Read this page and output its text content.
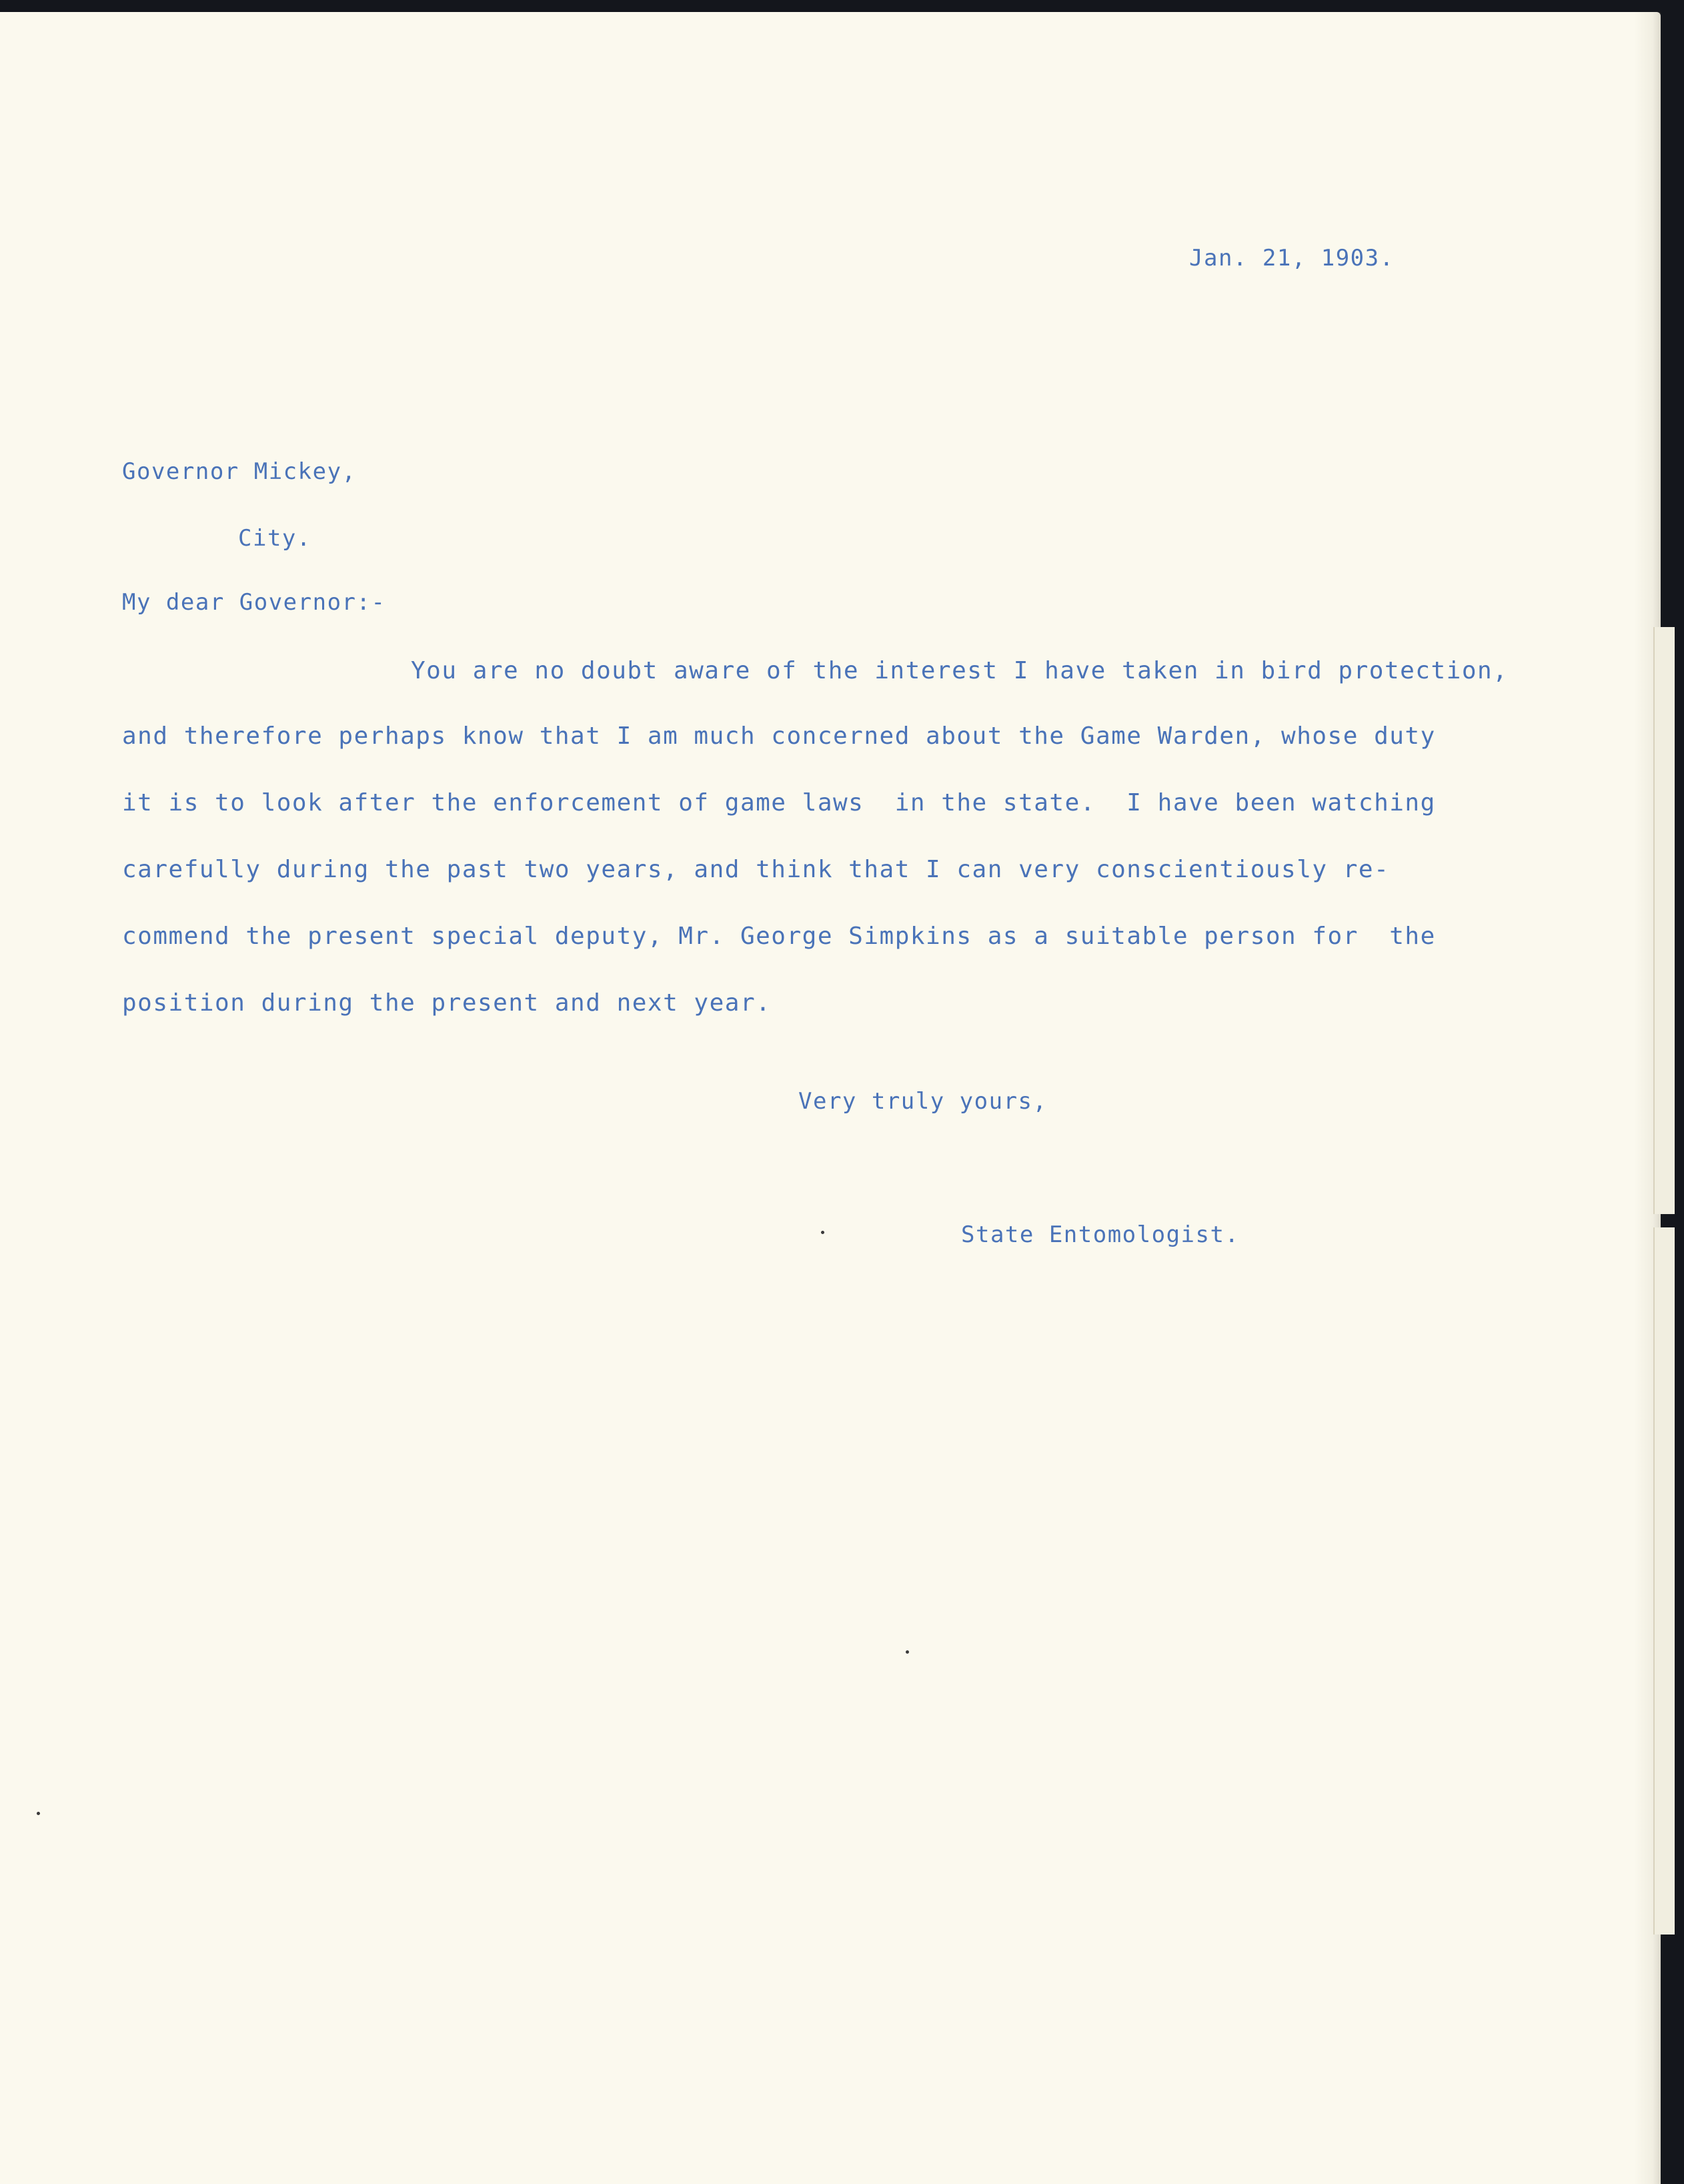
Jan. 21, 1903.
Governor Mickey,
City.
My dear Governor:-
You are no doubt aware of the interest I have taken in bird protection,
and therefore perhaps know that I am much concerned about the Game Warden, whose duty
it is to look after the enforcement of game laws  in the state.  I have been watching
carefully during the past two years, and think that I can very conscientiously re-
commend the present special deputy, Mr. George Simpkins as a suitable person for  the
position during the present and next year.
Very truly yours,
State Entomologist.
